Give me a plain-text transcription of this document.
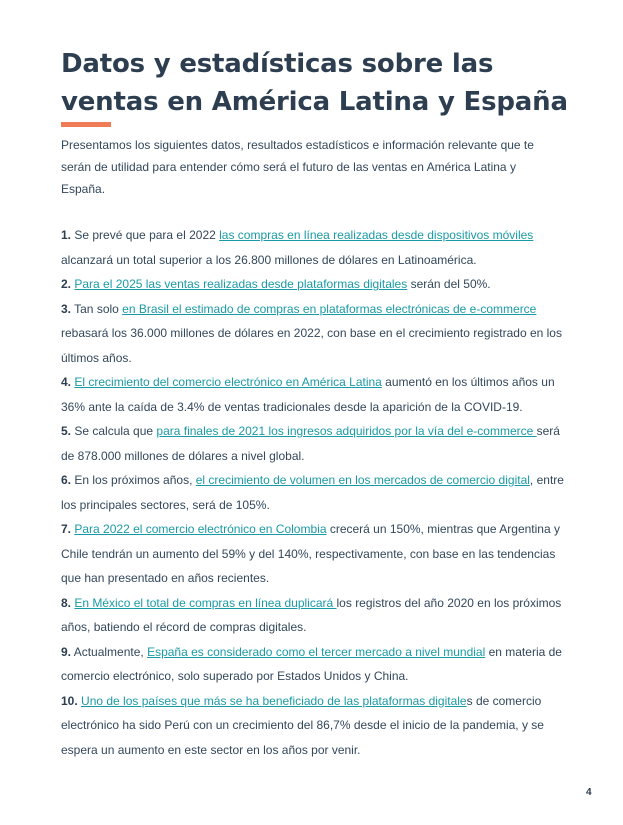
Datos y estadísticas sobre las ventas en América Latina y España

Presentamos los siguientes datos, resultados estadísticos e información relevante que te serán de utilidad para entender cómo será el futuro de las ventas en América Latina y España.

1. Se prevé que para el 2022 las compras en línea realizadas desde dispositivos móviles alcanzará un total superior a los 26.800 millones de dólares en Latinoamérica.
2. Para el 2025 las ventas realizadas desde plataformas digitales serán del 50%.
3. Tan solo en Brasil el estimado de compras en plataformas electrónicas de e-commerce rebasará los 36.000 millones de dólares en 2022, con base en el crecimiento registrado en los últimos años.
4. El crecimiento del comercio electrónico en América Latina aumentó en los últimos años un 36% ante la caída de 3.4% de ventas tradicionales desde la aparición de la COVID-19.
5. Se calcula que para finales de 2021 los ingresos adquiridos por la vía del e-commerce será de 878.000 millones de dólares a nivel global.
6. En los próximos años, el crecimiento de volumen en los mercados de comercio digital, entre los principales sectores, será de 105%.
7. Para 2022 el comercio electrónico en Colombia crecerá un 150%, mientras que Argentina y Chile tendrán un aumento del 59% y del 140%, respectivamente, con base en las tendencias que han presentado en años recientes.
8. En México el total de compras en línea duplicará los registros del año 2020 en los próximos años, batiendo el récord de compras digitales.
9. Actualmente, España es considerado como el tercer mercado a nivel mundial en materia de comercio electrónico, solo superado por Estados Unidos y China.
10. Uno de los países que más se ha beneficiado de las plataformas digitales de comercio electrónico ha sido Perú con un crecimiento del 86,7% desde el inicio de la pandemia, y se espera un aumento en este sector en los años por venir.
4
